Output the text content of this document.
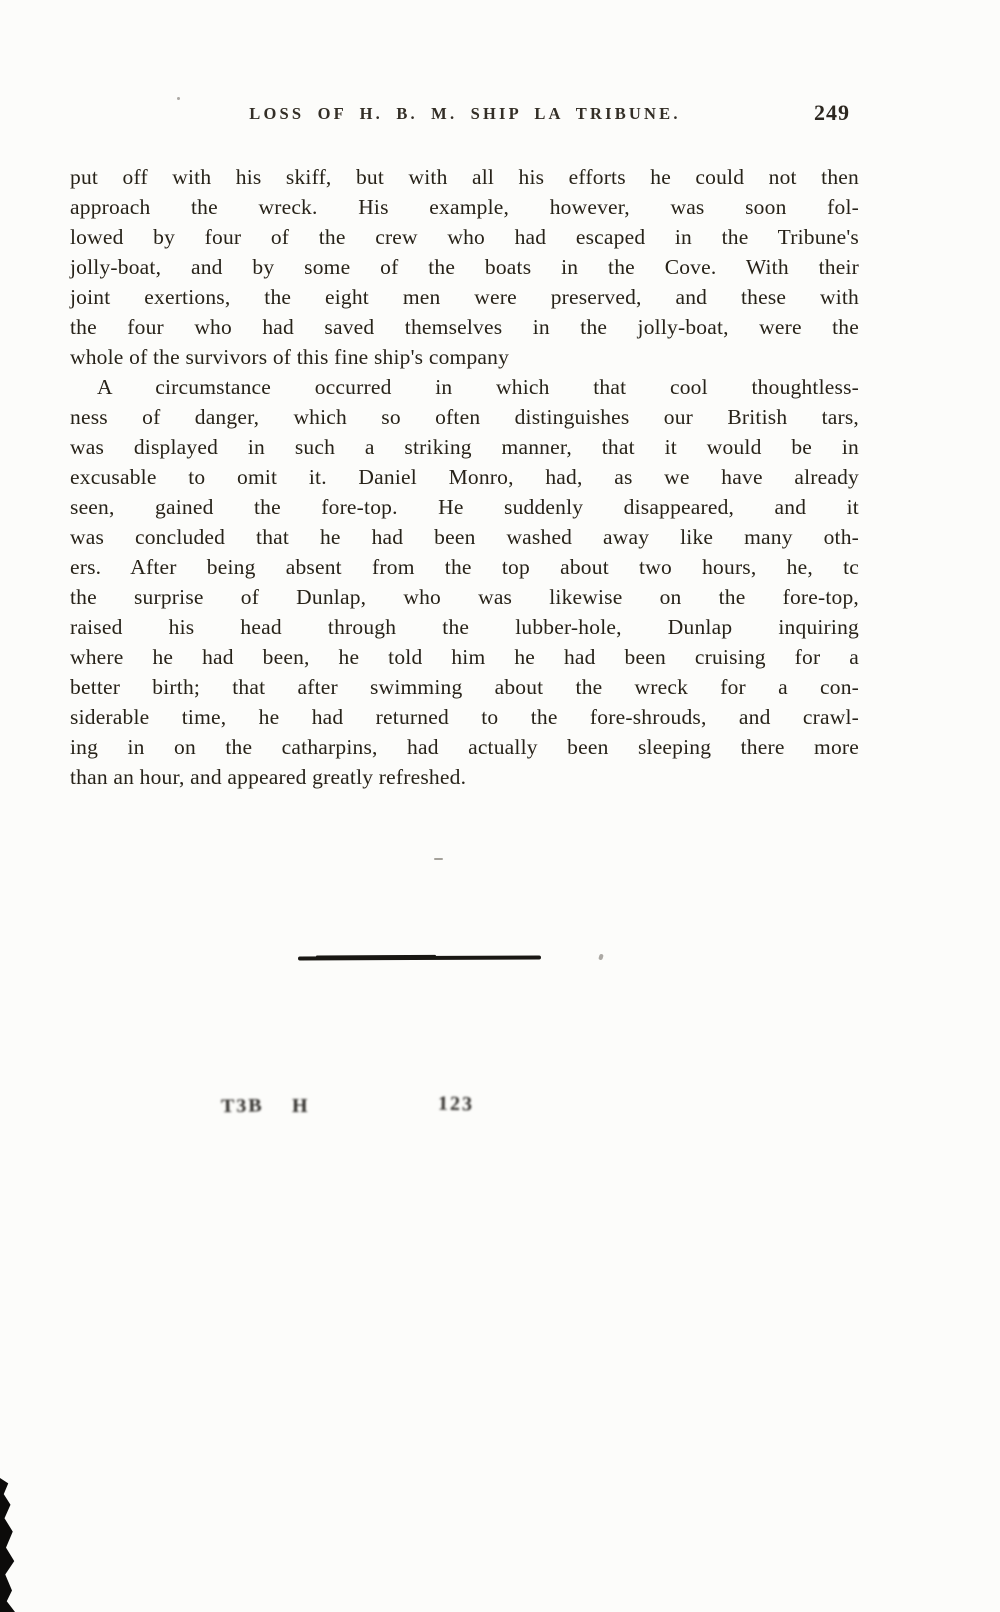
LOSS OF H. B. M. SHIP LA TRIBUNE.	249
put off with his skiff, but with all his efforts he could not then
approach the wreck. His example, however, was soon fol-
lowed by four of the crew who had escaped in the Tribune's
jolly-boat, and by some of the boats in the Cove. With their
joint exertions, the eight men were preserved, and these with
the four who had saved themselves in the jolly-boat, were the
whole of the survivors of this fine ship's company
A circumstance occurred in which that cool thoughtless-
ness of danger, which so often distinguishes our British tars,
was displayed in such a striking manner, that it would be in
excusable to omit it. Daniel Monro, had, as we have already
seen, gained the fore-top. He suddenly disappeared, and it
was concluded that he had been washed away like many oth-
ers. After being absent from the top about two hours, he, tc
the surprise of Dunlap, who was likewise on the fore-top,
raised his head through the lubber-hole, Dunlap inquiring
where he had been, he told him he had been cruising for a
better birth; that after swimming about the wreck for a con-
siderable time, he had returned to the fore-shrouds, and crawl-
ing in on the catharpins, had actually been sleeping there more
than an hour, and appeared greatly refreshed.
T3B H	123
